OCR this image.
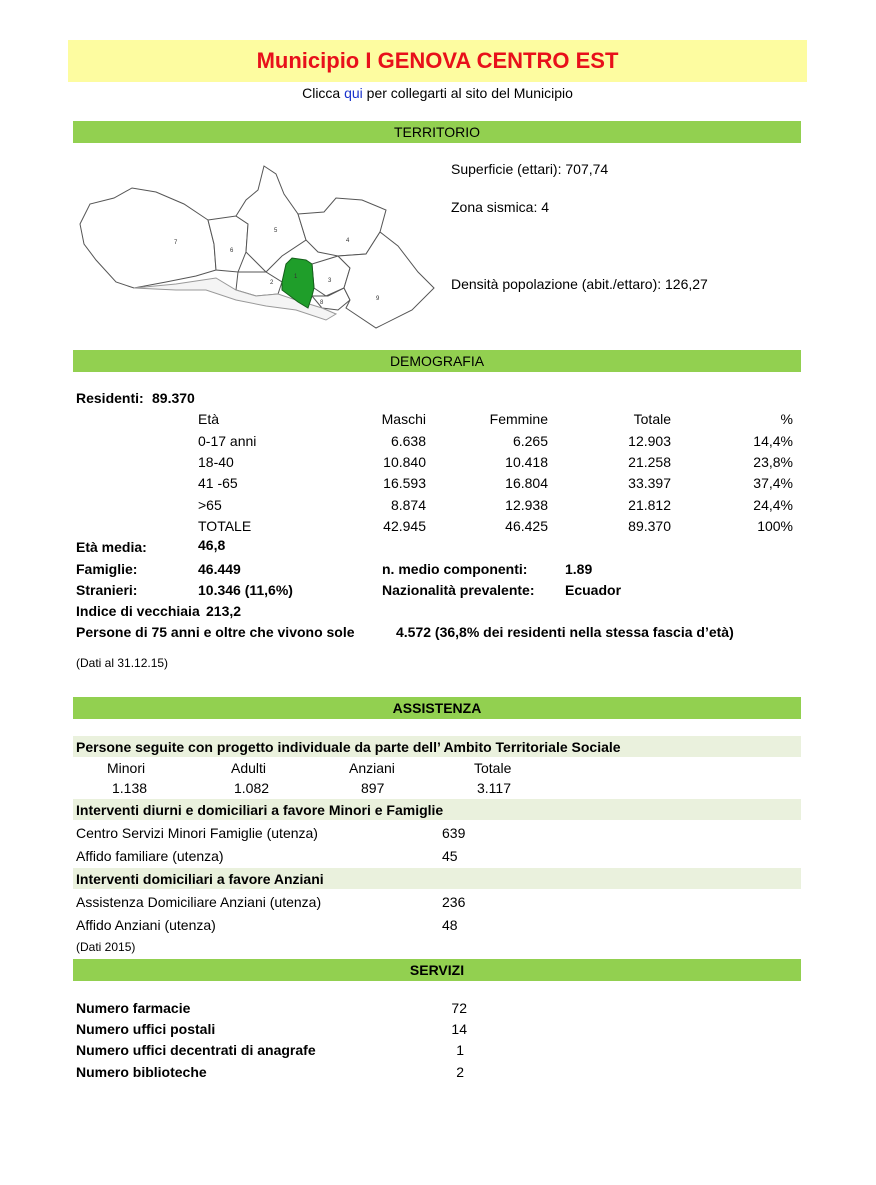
Municipio I GENOVA CENTRO EST
Clicca qui per collegarti al sito del Municipio
TERRITORIO
7
6
5
4
2	3
8
9
1
Superficie (ettari): 707,74
Zona sismica: 4
Densità popolazione (abit./ettaro): 126,27
DEMOGRAFIA
Residenti: 89.370
Età	Maschi	Femmine	Totale	%
0-17 anni	6.638	6.265	12.903	14,4%
18-40	10.840	10.418	21.258	23,8%
41 -65	16.593	16.804	33.397	37,4%
>65	8.874	12.938	21.812	24,4%
TOTALE	42.945	46.425	89.370	100%
Età media:	46,8
Famiglie:	46.449	n. medio componenti:	1.89
Stranieri:	10.346 (11,6%)	Nazionalità prevalente: Ecuador
Indice di vecchiaia 213,2
Persone di 75 anni e oltre che vivono sole	4.572 (36,8% dei residenti nella stessa fascia d’età)
(Dati al 31.12.15)
ASSISTENZA
Persone seguite con progetto individuale da parte dell’ Ambito Territoriale Sociale
Minori	Adulti	Anziani	Totale
1.138	1.082	897	3.117
Interventi diurni e domiciliari a favore Minori e Famiglie
Centro Servizi Minori Famiglie (utenza)	639
Affido familiare (utenza)	45
Interventi domiciliari a favore Anziani
Assistenza Domiciliare Anziani (utenza)	236
Affido Anziani (utenza)	48
(Dati 2015)
SERVIZI
Numero farmacie	72
Numero uffici postali	14
Numero uffici decentrati di anagrafe	1
Numero biblioteche	2
